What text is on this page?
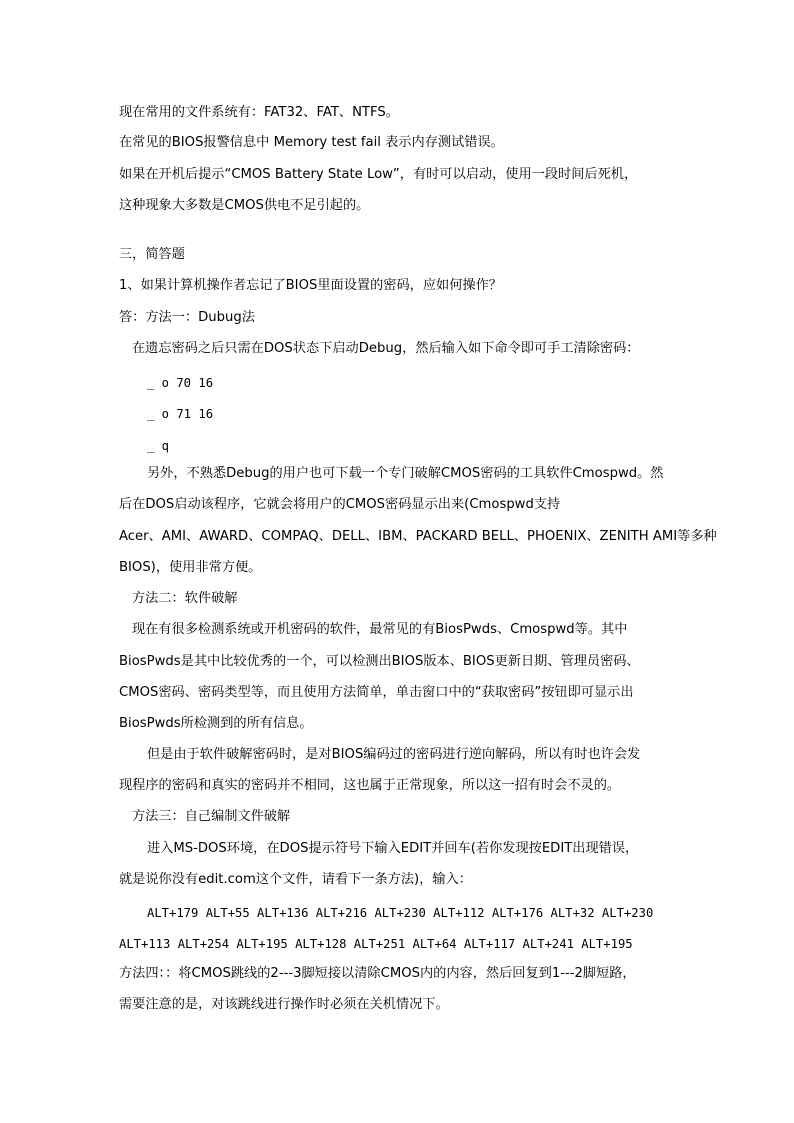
现在常用的文件系统有：FAT32、FAT、NTFS。
在常见的BIOS报警信息中 Memory test fail 表示内存测试错误。
如果在开机后提示“CMOS Battery State Low”，有时可以启动，使用一段时间后死机，
这种现象大多数是CMOS供电不足引起的。
三，简答题
1、如果计算机操作者忘记了BIOS里面设置的密码，应如何操作？
答：方法一：Dubug法
在遗忘密码之后只需在DOS状态下启动Debug，然后输入如下命令即可手工清除密码：
_ o 70 16
_ o 71 16
_ q
另外，不熟悉Debug的用户也可下载一个专门破解CMOS密码的工具软件Cmospwd。然
后在DOS启动该程序，它就会将用户的CMOS密码显示出来(Cmospwd支持
Acer、AMI、AWARD、COMPAQ、DELL、IBM、PACKARD BELL、PHOENIX、ZENITH AMI等多种
BIOS)，使用非常方便。
方法二：软件破解
现在有很多检测系统或开机密码的软件，最常见的有BiosPwds、Cmospwd等。其中
BiosPwds是其中比较优秀的一个，可以检测出BIOS版本、BIOS更新日期、管理员密码、
CMOS密码、密码类型等，而且使用方法简单，单击窗口中的“获取密码”按钮即可显示出
BiosPwds所检测到的所有信息。
但是由于软件破解密码时，是对BIOS编码过的密码进行逆向解码，所以有时也许会发
现程序的密码和真实的密码并不相同，这也属于正常现象，所以这一招有时会不灵的。
方法三：自己编制文件破解
进入MS-DOS环境，在DOS提示符号下输入EDIT并回车(若你发现按EDIT出现错误，
就是说你没有edit.com这个文件，请看下一条方法)，输入：
ALT+179 ALT+55 ALT+136 ALT+216 ALT+230 ALT+112 ALT+176 ALT+32 ALT+230
ALT+113 ALT+254 ALT+195 ALT+128 ALT+251 ALT+64 ALT+117 ALT+241 ALT+195
方法四：：将CMOS跳线的2---3脚短接以清除CMOS内的内容，然后回复到1---2脚短路，
需要注意的是，对该跳线进行操作时必须在关机情况下。
